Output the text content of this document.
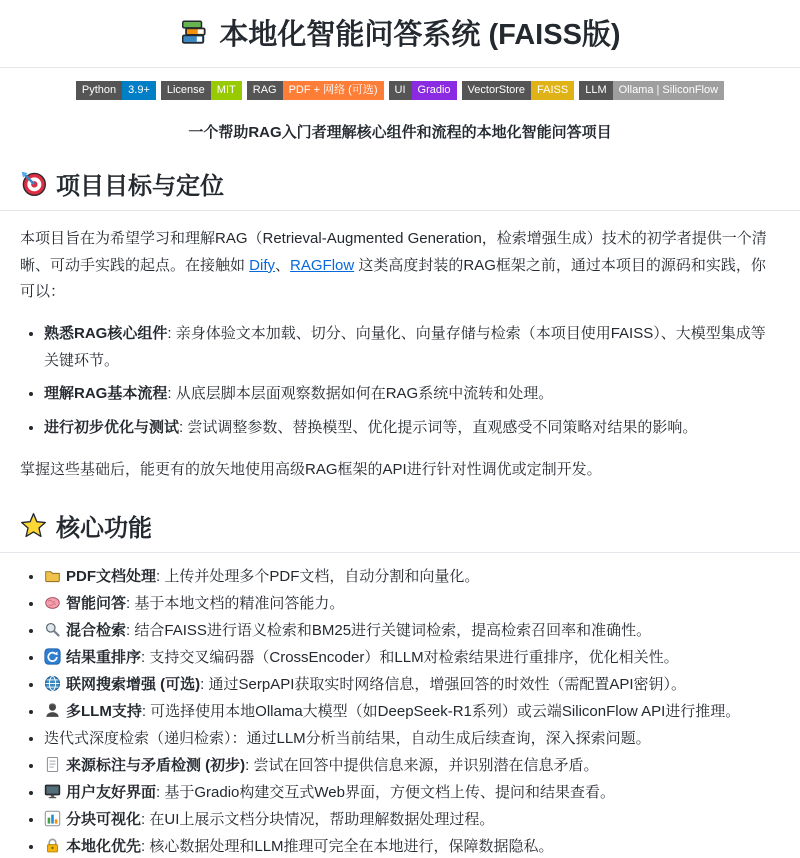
本地化智能问答系统 (FAISS版)
Python	3.9+	License	MIT	RAG	PDF + 网络 (可选)	UI	Gradio	VectorStore	FAISS	LLM	Ollama | SiliconFlow

一个帮助RAG入门者理解核心组件和流程的本地化智能问答项目

项目目标与定位

本项目旨在为希望学习和理解RAG（Retrieval-Augmented Generation，检索增强生成）技术的初学者提供一个清晰、可动手实践的起点。在接触如 Dify、RAGFlow 这类高度封装的RAG框架之前，通过本项目的源码和实践，你可以：

• 熟悉RAG核心组件: 亲身体验文本加载、切分、向量化、向量存储与检索（本项目使用FAISS）、大模型集成等关键环节。
• 理解RAG基本流程: 从底层脚本层面观察数据如何在RAG系统中流转和处理。
• 进行初步优化与测试: 尝试调整参数、替换模型、优化提示词等，直观感受不同策略对结果的影响。

掌握这些基础后，能更有的放矢地使用高级RAG框架的API进行针对性调优或定制开发。

核心功能
• PDF文档处理: 上传并处理多个PDF文档，自动分割和向量化。
• 智能问答: 基于本地文档的精准问答能力。
• 混合检索: 结合FAISS进行语义检索和BM25进行关键词检索，提高检索召回率和准确性。
• 结果重排序: 支持交叉编码器（CrossEncoder）和LLM对检索结果进行重排序，优化相关性。
• 联网搜索增强 (可选): 通过SerpAPI获取实时网络信息，增强回答的时效性（需配置API密钥）。
• 多LLM支持: 可选择使用本地Ollama大模型（如DeepSeek-R1系列）或云端SiliconFlow API进行推理。
• 迭代式深度检索（递归检索）：通过LLM分析当前结果，自动生成后续查询，深入探索问题。
• 来源标注与矛盾检测 (初步): 尝试在回答中提供信息来源，并识别潜在信息矛盾。
• 用户友好界面: 基于Gradio构建交互式Web界面，方便文档上传、提问和结果查看。
• 分块可视化: 在UI上展示文档分块情况，帮助理解数据处理过程。
• 本地化优先: 核心数据处理和LLM推理可完全在本地进行，保障数据隐私。
